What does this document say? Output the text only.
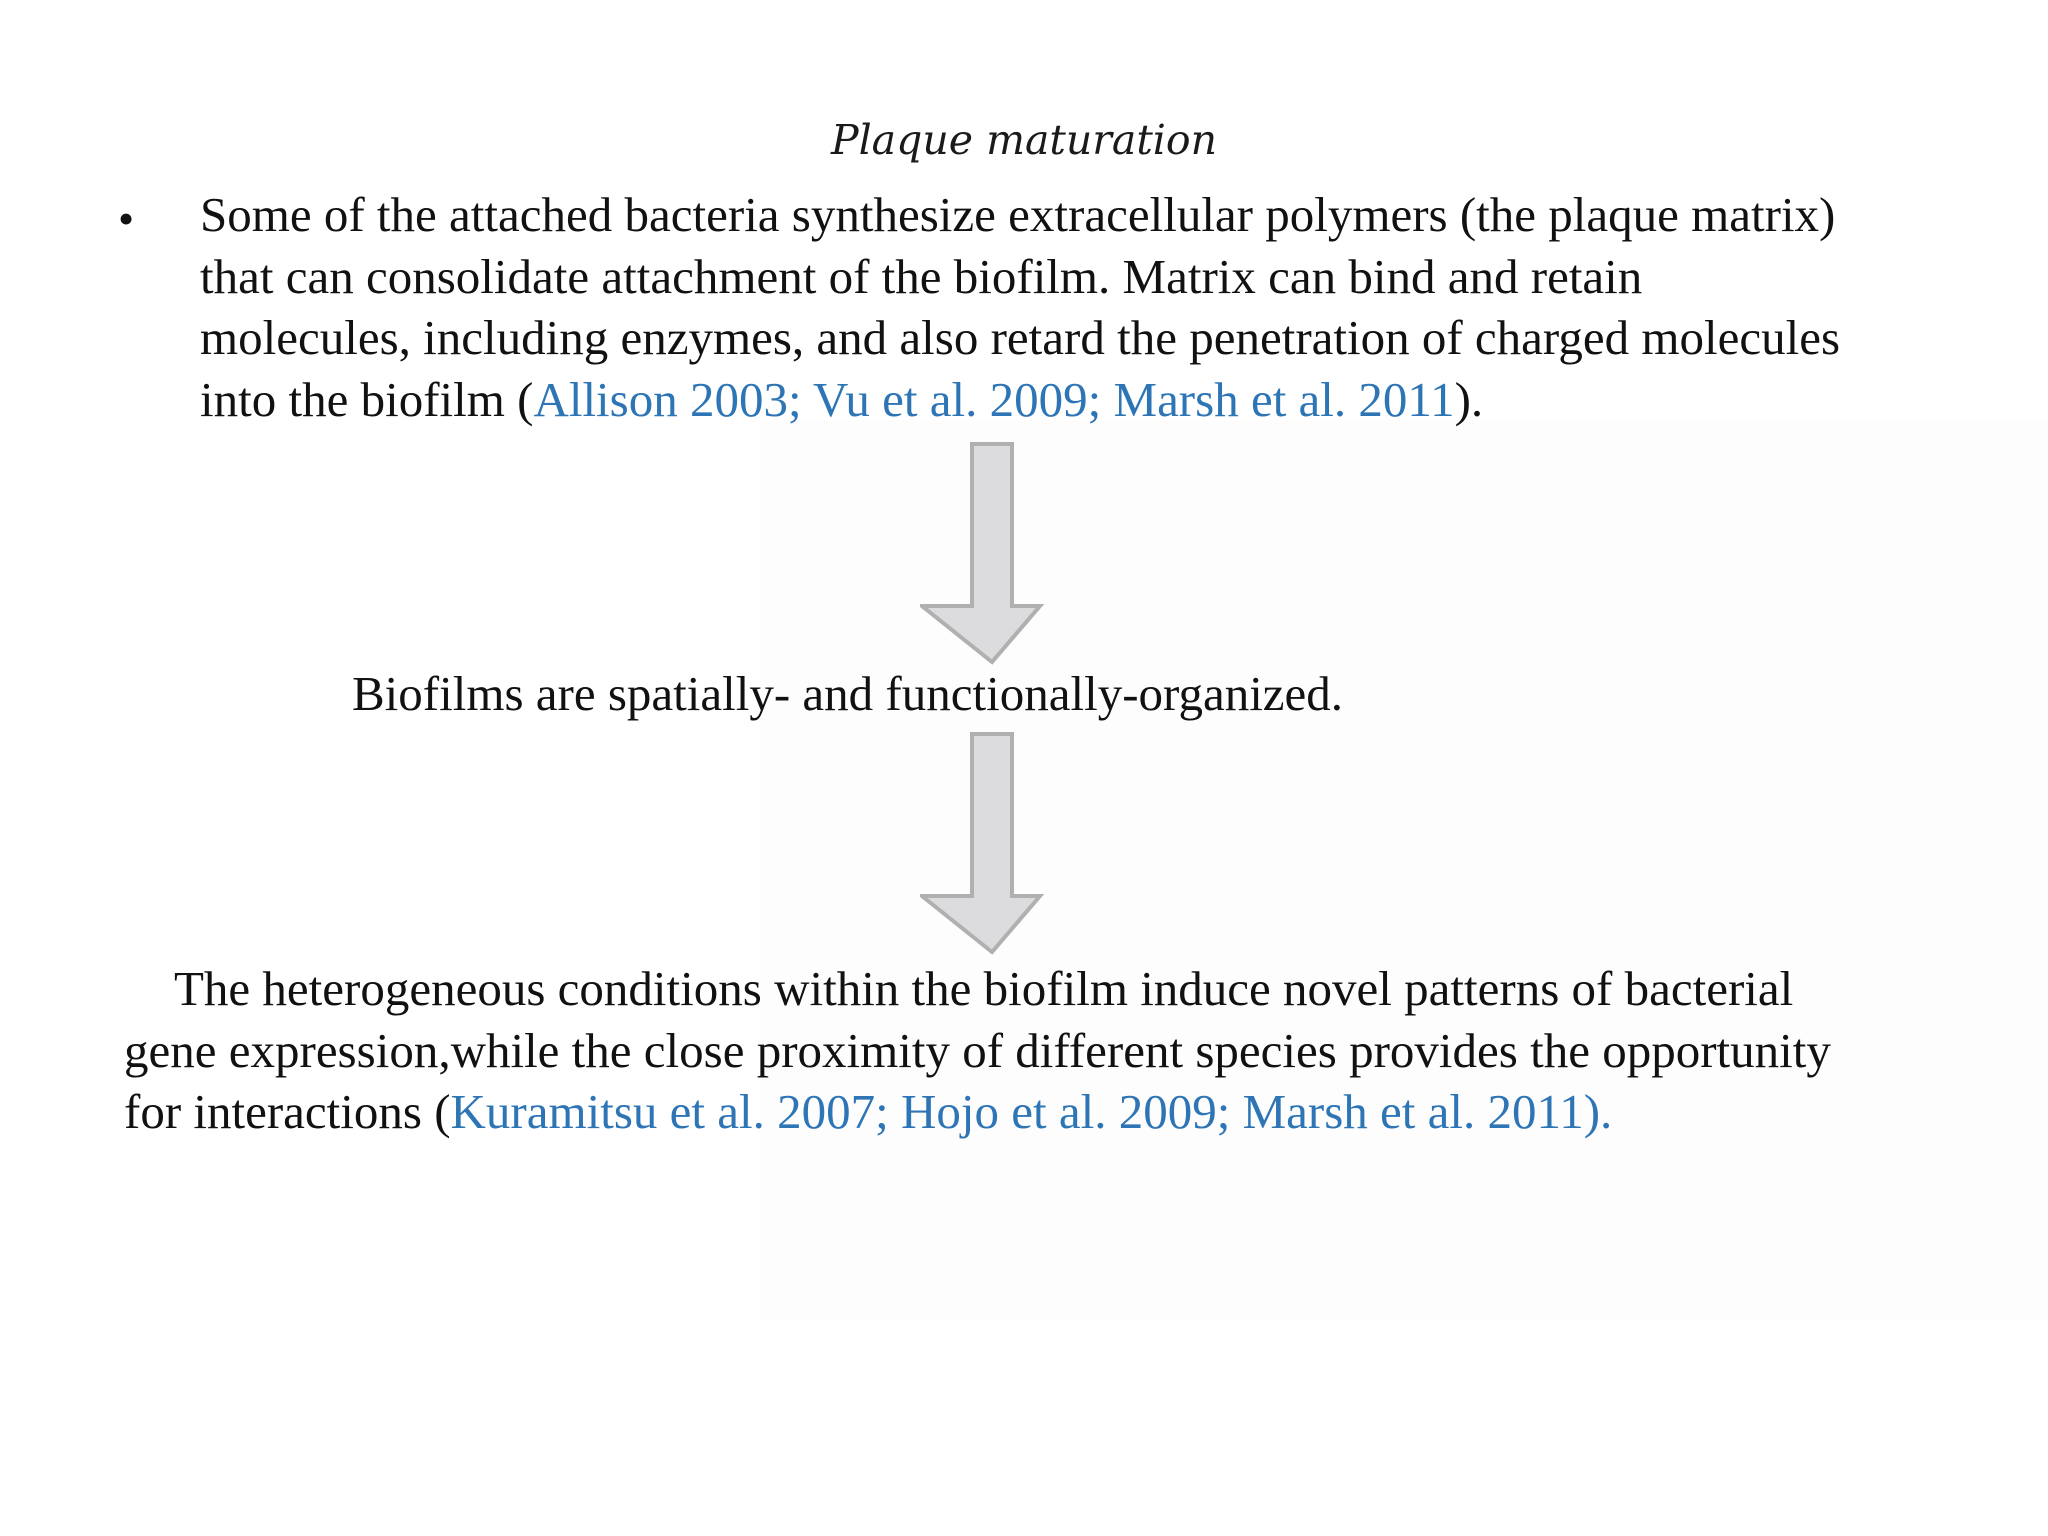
Plaque maturation
• Some of the attached bacteria synthesize extracellular polymers (the plaque matrix)
that can consolidate attachment of the biofilm. Matrix can bind and retain
molecules, including enzymes, and also retard the penetration of charged molecules
into the biofilm (Allison 2003; Vu et al. 2009; Marsh et al. 2011).
Biofilms are spatially- and functionally-organized.
The heterogeneous conditions within the biofilm induce novel patterns of bacterial
gene expression,while the close proximity of different species provides the opportunity
for interactions (Kuramitsu et al. 2007; Hojo et al. 2009; Marsh et al. 2011).
